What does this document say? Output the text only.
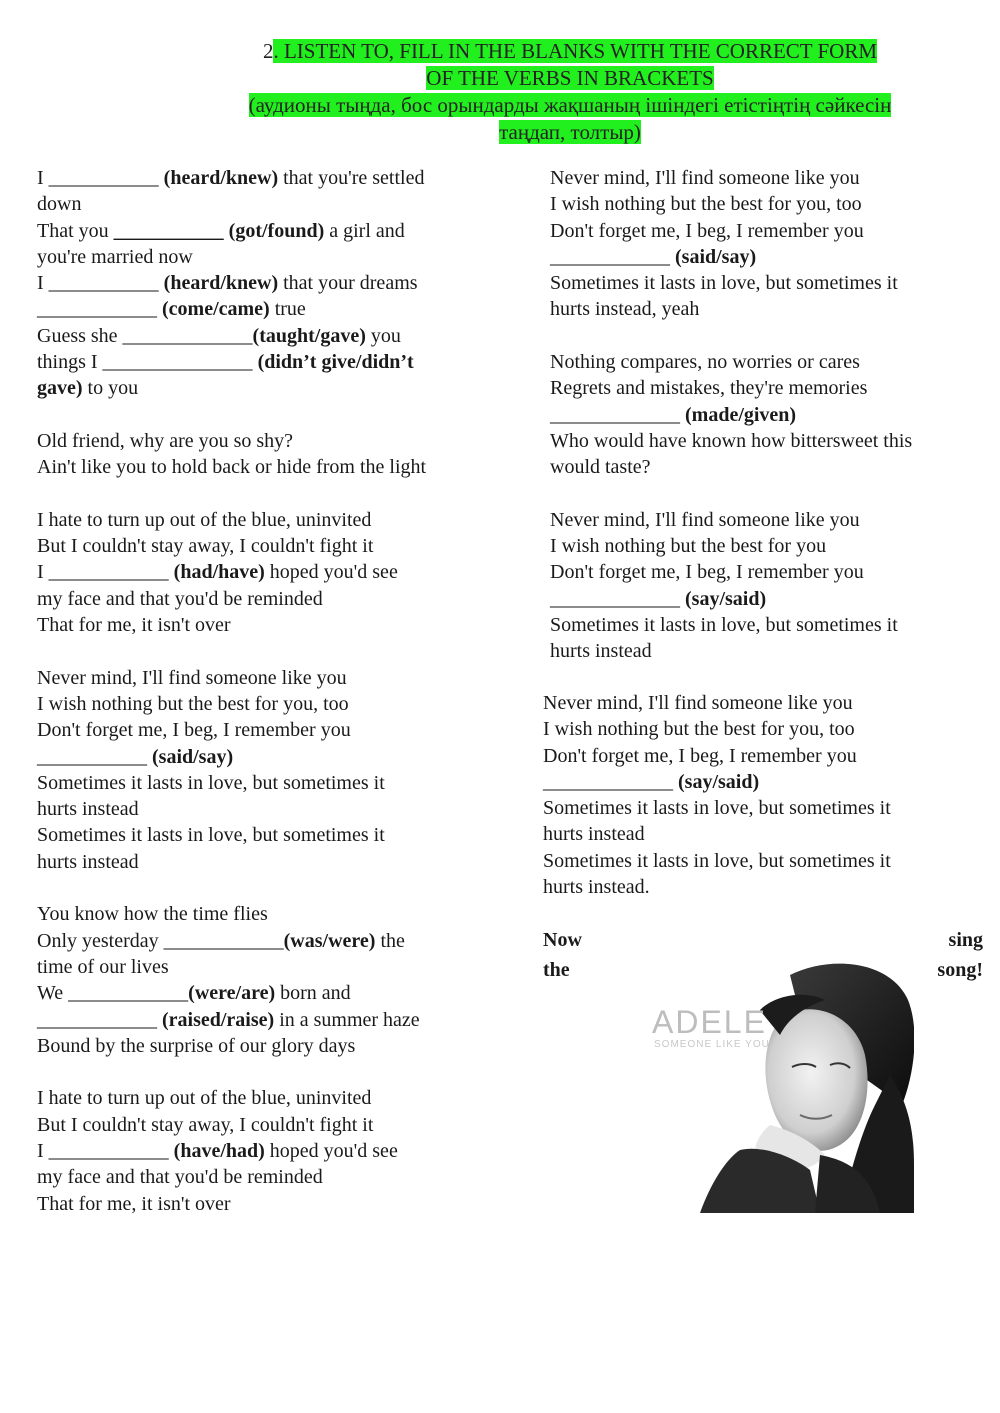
2. LISTEN TO, FILL IN THE BLANKS WITH THE CORRECT FORM
OF THE VERBS IN BRACKETS
(аудионы тыңда, бос орындарды жақшаның ішіндегі етістіңтің сәйкесін
таңдап, толтыр)
I ___________ (heard/knew) that you're settled
down
That you ___________ (got/found) a girl and
you're married now
I ___________ (heard/knew) that your dreams
____________ (come/came) true
Guess she _____________(taught/gave) you
things I _______________ (didn’t give/didn’t
gave) to you
Old friend, why are you so shy?
Ain't like you to hold back or hide from the light
I hate to turn up out of the blue, uninvited
But I couldn't stay away, I couldn't fight it
I ____________ (had/have) hoped you'd see
my face and that you'd be reminded
That for me, it isn't over
Never mind, I'll find someone like you
I wish nothing but the best for you, too
Don't forget me, I beg, I remember you
___________ (said/say)
Sometimes it lasts in love, but sometimes it
hurts instead
Sometimes it lasts in love, but sometimes it
hurts instead
You know how the time flies
Only yesterday ____________(was/were) the
time of our lives
We ____________(were/are) born and
____________ (raised/raise) in a summer haze
Bound by the surprise of our glory days
I hate to turn up out of the blue, uninvited
But I couldn't stay away, I couldn't fight it
I ____________ (have/had) hoped you'd see
my face and that you'd be reminded
That for me, it isn't over
Never mind, I'll find someone like you
I wish nothing but the best for you, too
Don't forget me, I beg, I remember you
____________ (said/say)
Sometimes it lasts in love, but sometimes it
hurts instead, yeah
Nothing compares, no worries or cares
Regrets and mistakes, they're memories
_____________ (made/given)
Who would have known how bittersweet this
would taste?
Never mind, I'll find someone like you
I wish nothing but the best for you
Don't forget me, I beg, I remember you
_____________ (say/said)
Sometimes it lasts in love, but sometimes it
hurts instead
Never mind, I'll find someone like you
I wish nothing but the best for you, too
Don't forget me, I beg, I remember you
_____________ (say/said)
Sometimes it lasts in love, but sometimes it
hurts instead
Sometimes it lasts in love, but sometimes it
hurts instead.
Now	sing
the	song!
ADELE
SOMEONE LIKE YOU
